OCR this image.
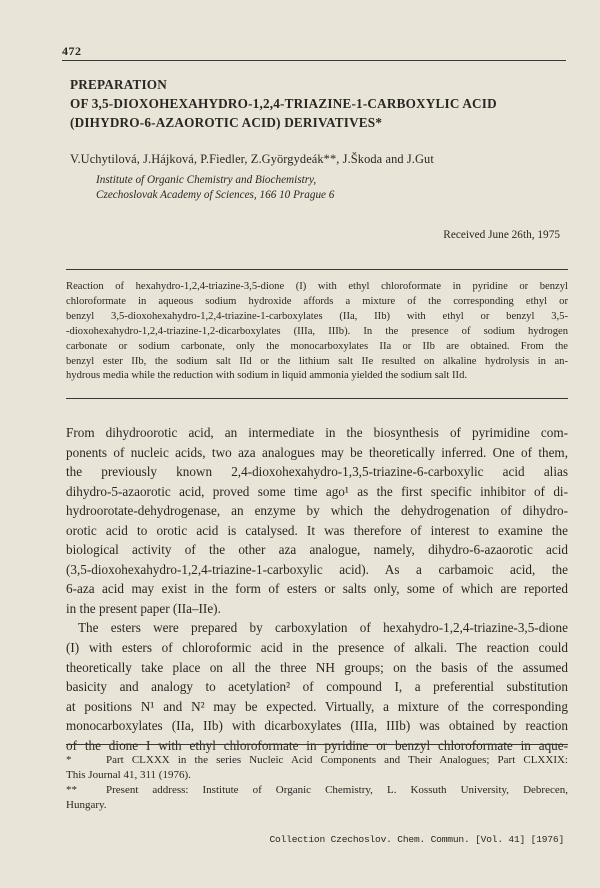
472
PREPARATION
OF 3,5-DIOXOHEXAHYDRO-1,2,4-TRIAZINE-1-CARBOXYLIC ACID
(DIHYDRO-6-AZAOROTIC ACID) DERIVATIVES*
V.Uchytilová, J.Hájková, P.Fiedler, Z.Györgydeák**, J.Škoda and J.Gut
Institute of Organic Chemistry and Biochemistry,
Czechoslovak Academy of Sciences, 166 10 Prague 6
Received June 26th, 1975
Reaction of hexahydro-1,2,4-triazine-3,5-dione (I) with ethyl chloroformate in pyridine or benzyl
chloroformate in aqueous sodium hydroxide affords a mixture of the corresponding ethyl or
benzyl 3,5-dioxohexahydro-1,2,4-triazine-1-carboxylates (IIa, IIb) with ethyl or benzyl 3,5-
-dioxohexahydro-1,2,4-triazine-1,2-dicarboxylates (IIIa, IIIb). In the presence of sodium hydrogen
carbonate or sodium carbonate, only the monocarboxylates IIa or IIb are obtained. From the
benzyl ester IIb, the sodium salt IId or the lithium salt IIe resulted on alkaline hydrolysis in an-
hydrous media while the reduction with sodium in liquid ammonia yielded the sodium salt IId.
From dihydroorotic acid, an intermediate in the biosynthesis of pyrimidine com-
ponents of nucleic acids, two aza analogues may be theoretically inferred. One of them,
the previously known 2,4-dioxohexahydro-1,3,5-triazine-6-carboxylic acid alias
dihydro-5-azaorotic acid, proved some time ago¹ as the first specific inhibitor of di-
hydroorotate-dehydrogenase, an enzyme by which the dehydrogenation of dihydro-
orotic acid to orotic acid is catalysed. It was therefore of interest to examine the
biological activity of the other aza analogue, namely, dihydro-6-azaorotic acid
(3,5-dioxohexahydro-1,2,4-triazine-1-carboxylic acid). As a carbamoic acid, the
6-aza acid may exist in the form of esters or salts only, some of which are reported
in the present paper (IIa–IIe).
The esters were prepared by carboxylation of hexahydro-1,2,4-triazine-3,5-dione
(I) with esters of chloroformic acid in the presence of alkali. The reaction could
theoretically take place on all the three NH groups; on the basis of the assumed
basicity and analogy to acetylation² of compound I, a preferential substitution
at positions N¹ and N² may be expected. Virtually, a mixture of the corresponding
monocarboxylates (IIa, IIb) with dicarboxylates (IIIa, IIIb) was obtained by reaction
of the dione I with ethyl chloroformate in pyridine or benzyl chloroformate in aque-
*	Part CLXXX in the series Nucleic Acid Components and Their Analogues; Part CLXXIX:
This Journal 41, 311 (1976).
**	Present address: Institute of Organic Chemistry, L. Kossuth University, Debrecen,
Hungary.
Collection Czechoslov. Chem. Commun. [Vol. 41] [1976]
